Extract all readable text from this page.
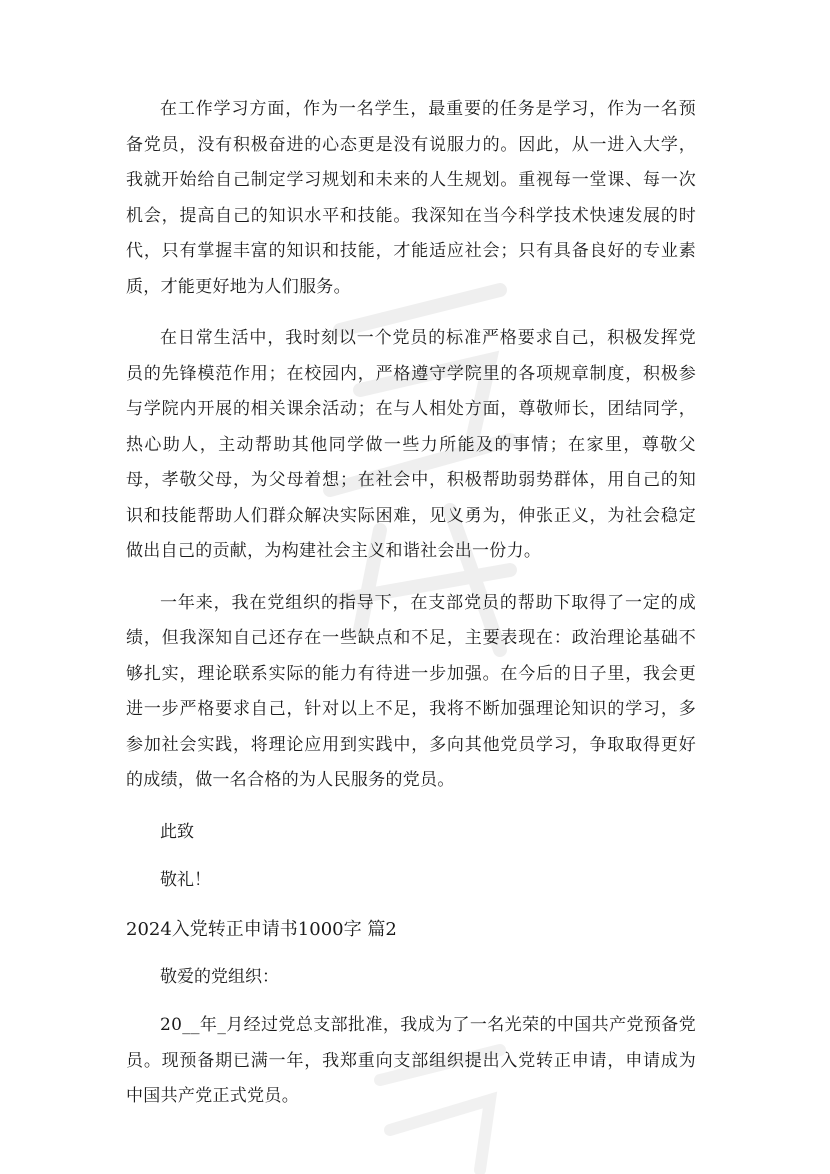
在工作学习方面，作为一名学生，最重要的任务是学习，作为一名预备党员，没有积极奋进的心态更是没有说服力的。因此，从一进入大学，我就开始给自己制定学习规划和未来的人生规划。重视每一堂课、每一次机会，提高自己的知识水平和技能。我深知在当今科学技术快速发展的时代，只有掌握丰富的知识和技能，才能适应社会；只有具备良好的专业素质，才能更好地为人们服务。

在日常生活中，我时刻以一个党员的标准严格要求自己，积极发挥党员的先锋模范作用；在校园内，严格遵守学院里的各项规章制度，积极参与学院内开展的相关课余活动；在与人相处方面，尊敬师长，团结同学，热心助人，主动帮助其他同学做一些力所能及的事情；在家里，尊敬父母，孝敬父母，为父母着想；在社会中，积极帮助弱势群体，用自己的知识和技能帮助人们群众解决实际困难，见义勇为，伸张正义，为社会稳定做出自己的贡献，为构建社会主义和谐社会出一份力。

一年来，我在党组织的指导下，在支部党员的帮助下取得了一定的成绩，但我深知自己还存在一些缺点和不足，主要表现在：政治理论基础不够扎实，理论联系实际的能力有待进一步加强。在今后的日子里，我会更进一步严格要求自己，针对以上不足，我将不断加强理论知识的学习，多参加社会实践，将理论应用到实践中，多向其他党员学习，争取取得更好的成绩，做一名合格的为人民服务的党员。

此致

敬礼！

2024入党转正申请书1000字 篇2

敬爱的党组织：

20__年_月经过党总支部批准，我成为了一名光荣的中国共产党预备党员。现预备期已满一年，我郑重向支部组织提出入党转正申请，申请成为中国共产党正式党员。
